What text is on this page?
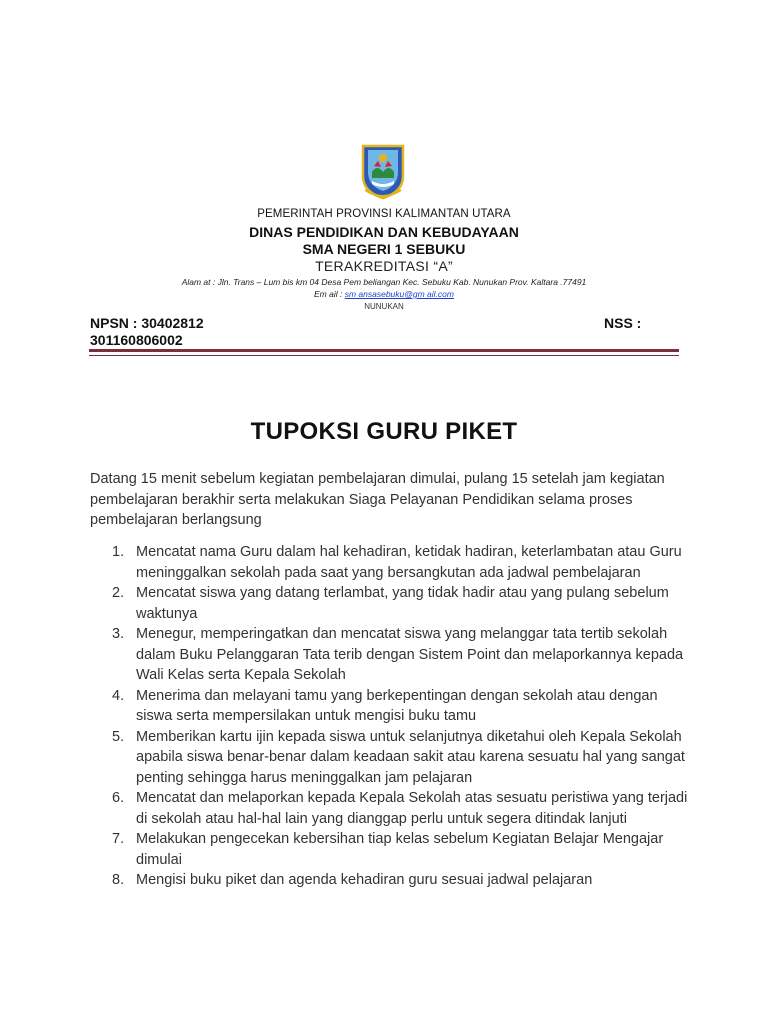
PEMERINTAH PROVINSI KALIMANTAN UTARA
DINAS PENDIDIKAN DAN KEBUDAYAAN
SMA NEGERI 1 SEBUKU
TERAKREDITASI “A”
Alam at : Jln. Trans – Lum bis km 04 Desa Pem beliangan Kec. Sebuku Kab. Nunukan Prov. Kaltara .77491
Em ail : sm ansasebuku@gm ail.com
NUNUKAN
NPSN : 30402812	NSS :
301160806002
TUPOKSI GURU PIKET
Datang 15 menit sebelum kegiatan pembelajaran dimulai, pulang 15 setelah jam kegiatan pembelajaran berakhir serta melakukan Siaga Pelayanan Pendidikan selama proses pembelajaran berlangsung
1. Mencatat nama Guru dalam hal kehadiran, ketidak hadiran, keterlambatan atau Guru meninggalkan sekolah pada saat yang bersangkutan ada jadwal pembelajaran
2. Mencatat siswa yang datang terlambat, yang tidak hadir atau yang pulang sebelum waktunya
3. Menegur, memperingatkan dan mencatat siswa yang melanggar tata tertib sekolah dalam Buku Pelanggaran Tata terib dengan Sistem Point dan melaporkannya kepada Wali Kelas serta Kepala Sekolah
4. Menerima dan melayani tamu yang berkepentingan dengan sekolah atau dengan siswa serta mempersilakan untuk mengisi buku tamu
5. Memberikan kartu ijin kepada siswa untuk selanjutnya diketahui oleh Kepala Sekolah apabila siswa benar-benar dalam keadaan sakit atau karena sesuatu hal yang sangat penting sehingga harus meninggalkan jam pelajaran
6. Mencatat dan melaporkan kepada Kepala Sekolah atas sesuatu peristiwa yang terjadi di sekolah atau hal-hal lain yang dianggap perlu untuk segera ditindak lanjuti
7. Melakukan pengecekan kebersihan tiap kelas sebelum Kegiatan Belajar Mengajar dimulai
8. Mengisi buku piket dan agenda kehadiran guru sesuai jadwal pelajaran
